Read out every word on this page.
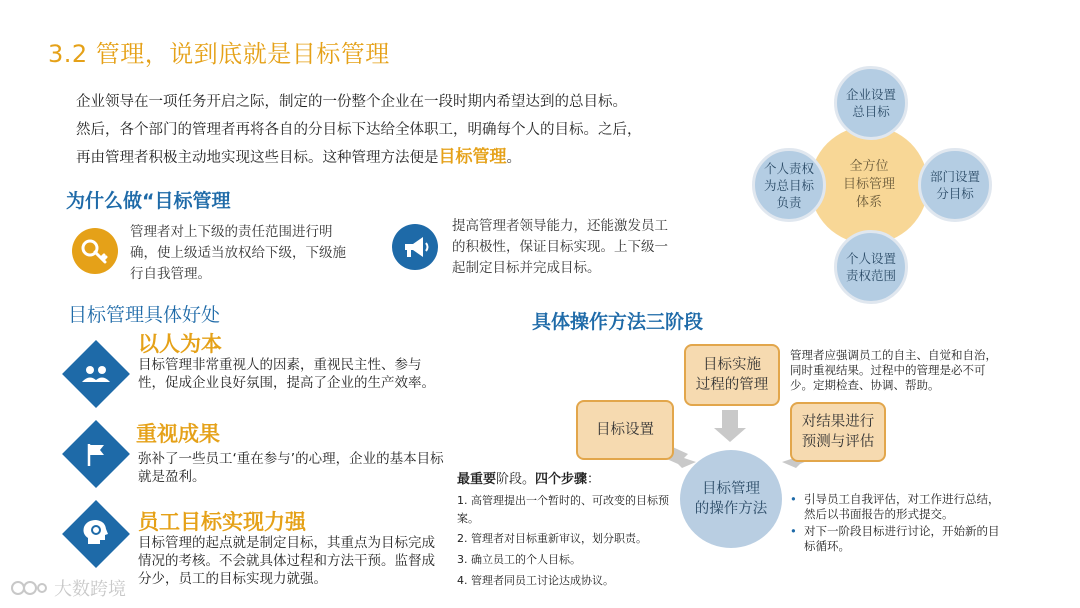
3.2 管理，说到底就是目标管理
企业领导在一项任务开启之际，制定的一份整个企业在一段时期内希望达到的总目标。
然后，各个部门的管理者再将各自的分目标下达给全体职工，明确每个人的目标。之后，
再由管理者积极主动地实现这些目标。这种管理方法便是目标管理。
全方位
目标管理
体系
企业设置
总目标
部门设置
分目标
个人设置
责权范围
个人责权
为总目标
负责
为什么做“目标管理
管理者对上下级的责任范围进行明确，使上级适当放权给下级，下级施行自我管理。
提高管理者领导能力，还能激发员工的积极性，保证目标实现。上下级一起制定目标并完成目标。
目标管理具体好处
以人为本
目标管理非常重视人的因素，重视民主性、参与性，促成企业良好氛围，提高了企业的生产效率。
重视成果
弥补了一些员工‘重在参与’的心理，企业的基本目标就是盈利。
员工目标实现力强
目标管理的起点就是制定目标，其重点为目标完成情况的考核。不会就具体过程和方法干预。监督成分少，员工的目标实现力就强。
具体操作方法三阶段
目标设置
目标实施
过程的管理
对结果进行
预测与评估
目标管理
的操作方法
管理者应强调员工的自主、自觉和自治，同时重视结果。过程中的管理是必不可少。定期检查、协调、帮助。
最重要阶段。四个步骤：
1. 高管理提出一个暂时的、可改变的目标预案。
2. 管理者对目标重新审议，划分职责。
3. 确立员工的个人目标。
4. 管理者同员工讨论达成协议。
• 引导员工自我评估，对工作进行总结，然后以书面报告的形式提交。
• 对下一阶段目标进行讨论，开始新的目标循环。
大数跨境
